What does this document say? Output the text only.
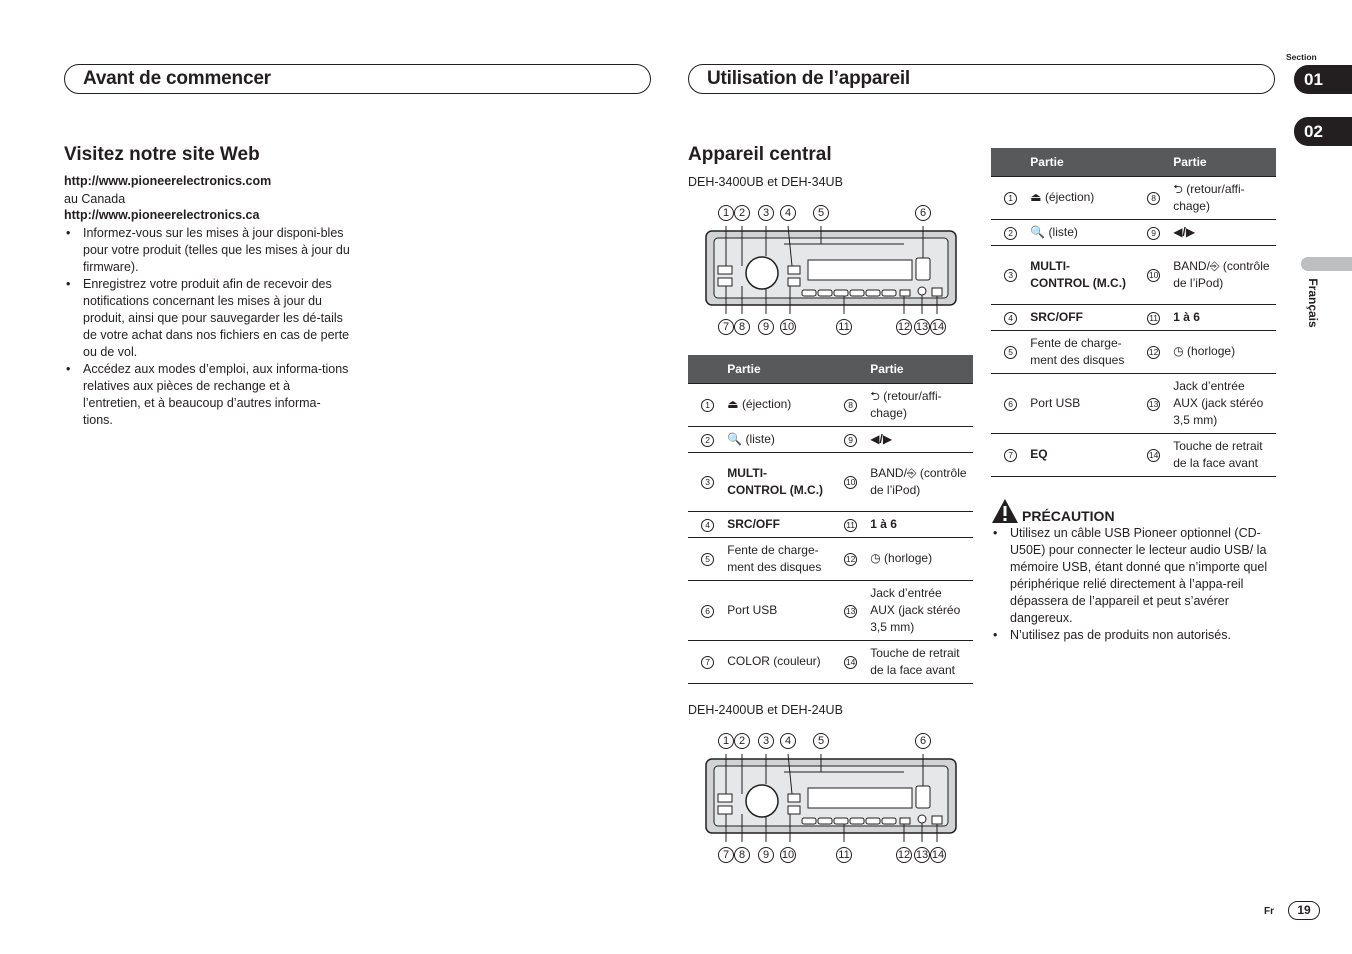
Avant de commencer	Utilisation de l’appareil
Section
01
02
Français
Visitez notre site Web
http://www.pioneerelectronics.com
au Canada
http://www.pioneerelectronics.ca
• Informez-vous sur les mises à jour disponi-bles pour votre produit (telles que les mises à jour du firmware).
• Enregistrez votre produit afin de recevoir des notifications concernant les mises à jour du produit, ainsi que pour sauvegarder les dé-tails de votre achat dans nos fichiers en cas de perte ou de vol.
• Accédez aux modes d’emploi, aux informa-tions relatives aux pièces de rechange et à l’entretien, et à beaucoup d’autres informa-tions.
Appareil central
DEH-3400UB et DEH-34UB
1 2	3	4	5	6
7 8	9	10	11	12 13 14
	Partie		Partie
1	⏏ (éjection)	8	⮌ (retour/affi-chage)
2	🔍 (liste)	9	◀/▶
3	MULTI-CONTROL (M.C.)	10	BAND/⎆ (contrôle de l’iPod)
4	SRC/OFF	11	1 à 6
5	Fente de charge-ment des disques	12	◷ (horloge)
6	Port USB	13	Jack d’entrée AUX (jack stéréo 3,5 mm)
7	COLOR (couleur)	14	Touche de retrait de la face avant
DEH-2400UB et DEH-24UB
1 2	3	4	5	6
7 8	9	10	11	12 13 14
	Partie		Partie
1	⏏ (éjection)	8	⮌ (retour/affi-chage)
2	🔍 (liste)	9	◀/▶
3	MULTI-CONTROL (M.C.)	10	BAND/⎆ (contrôle de l’iPod)
4	SRC/OFF	11	1 à 6
5	Fente de charge-ment des disques	12	◷ (horloge)
6	Port USB	13	Jack d’entrée AUX (jack stéréo 3,5 mm)
7	EQ	14	Touche de retrait de la face avant
PRÉCAUTION
• Utilisez un câble USB Pioneer optionnel (CD-U50E) pour connecter le lecteur audio USB/ la mémoire USB, étant donné que n’importe quel périphérique relié directement à l’appa-reil dépassera de l’appareil et peut s’avérer dangereux.
• N’utilisez pas de produits non autorisés.
Fr	19
